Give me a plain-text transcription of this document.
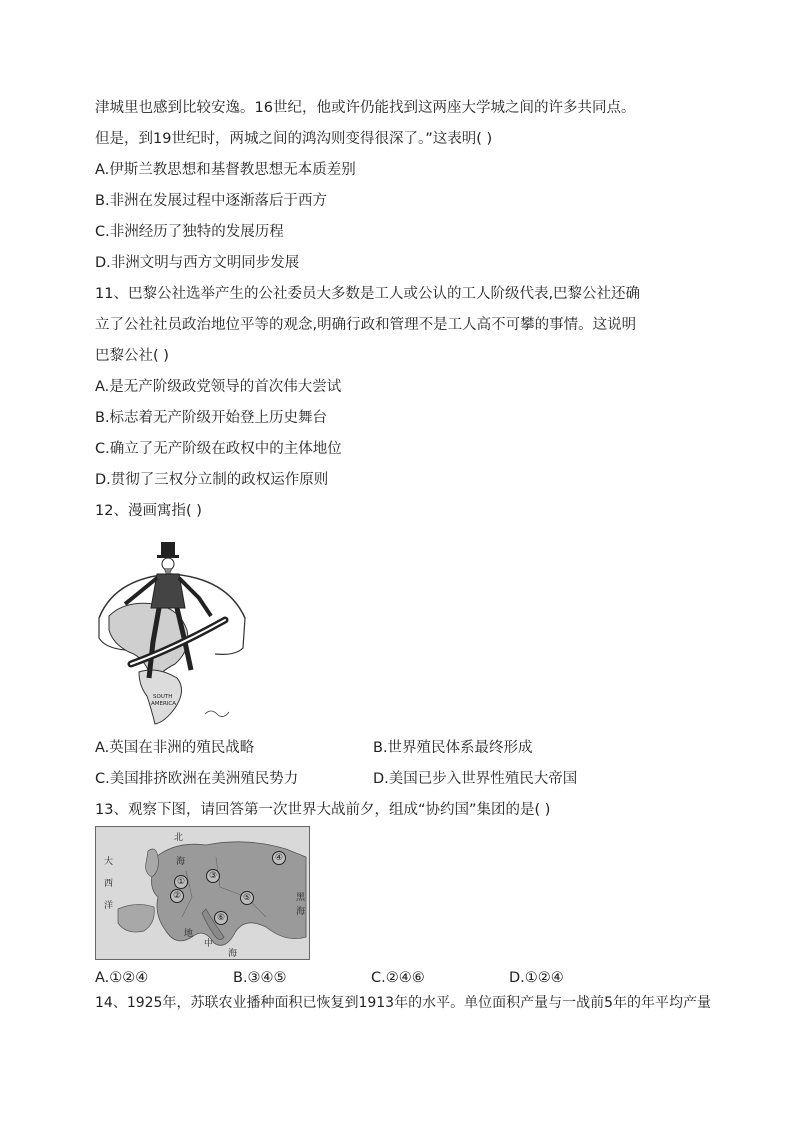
津城里也感到比较安逸。16世纪，他或许仍能找到这两座大学城之间的许多共同点。
但是，到19世纪时，两城之间的鸿沟则变得很深了。”这表明( )
A.伊斯兰教思想和基督教思想无本质差别
B.非洲在发展过程中逐渐落后于西方
C.非洲经历了独特的发展历程
D.非洲文明与西方文明同步发展
11、巴黎公社选举产生的公社委员大多数是工人或公认的工人阶级代表,巴黎公社还确
立了公社社员政治地位平等的观念,明确行政和管理不是工人高不可攀的事情。这说明
巴黎公社( )
A.是无产阶级政党领导的首次伟大尝试
B.标志着无产阶级开始登上历史舞台
C.确立了无产阶级在政权中的主体地位
D.贯彻了三权分立制的政权运作原则
12、漫画寓指( )
SOUTH
AMERICA
A.英国在非洲的殖民战略	B.世界殖民体系最终形成
C.美国排挤欧洲在美洲殖民势力	D.美国已步入世界性殖民大帝国
13、观察下图，请回答第一次世界大战前夕，组成“协约国”集团的是( )
北
海
大
西
洋
地
中
海
黑
海
①
②
③
④
⑤
⑥
A.①②④	B.③④⑤	C.②④⑥	D.①②④
14、1925年，苏联农业播种面积已恢复到1913年的水平。单位面积产量与一战前5年的年平均产量
